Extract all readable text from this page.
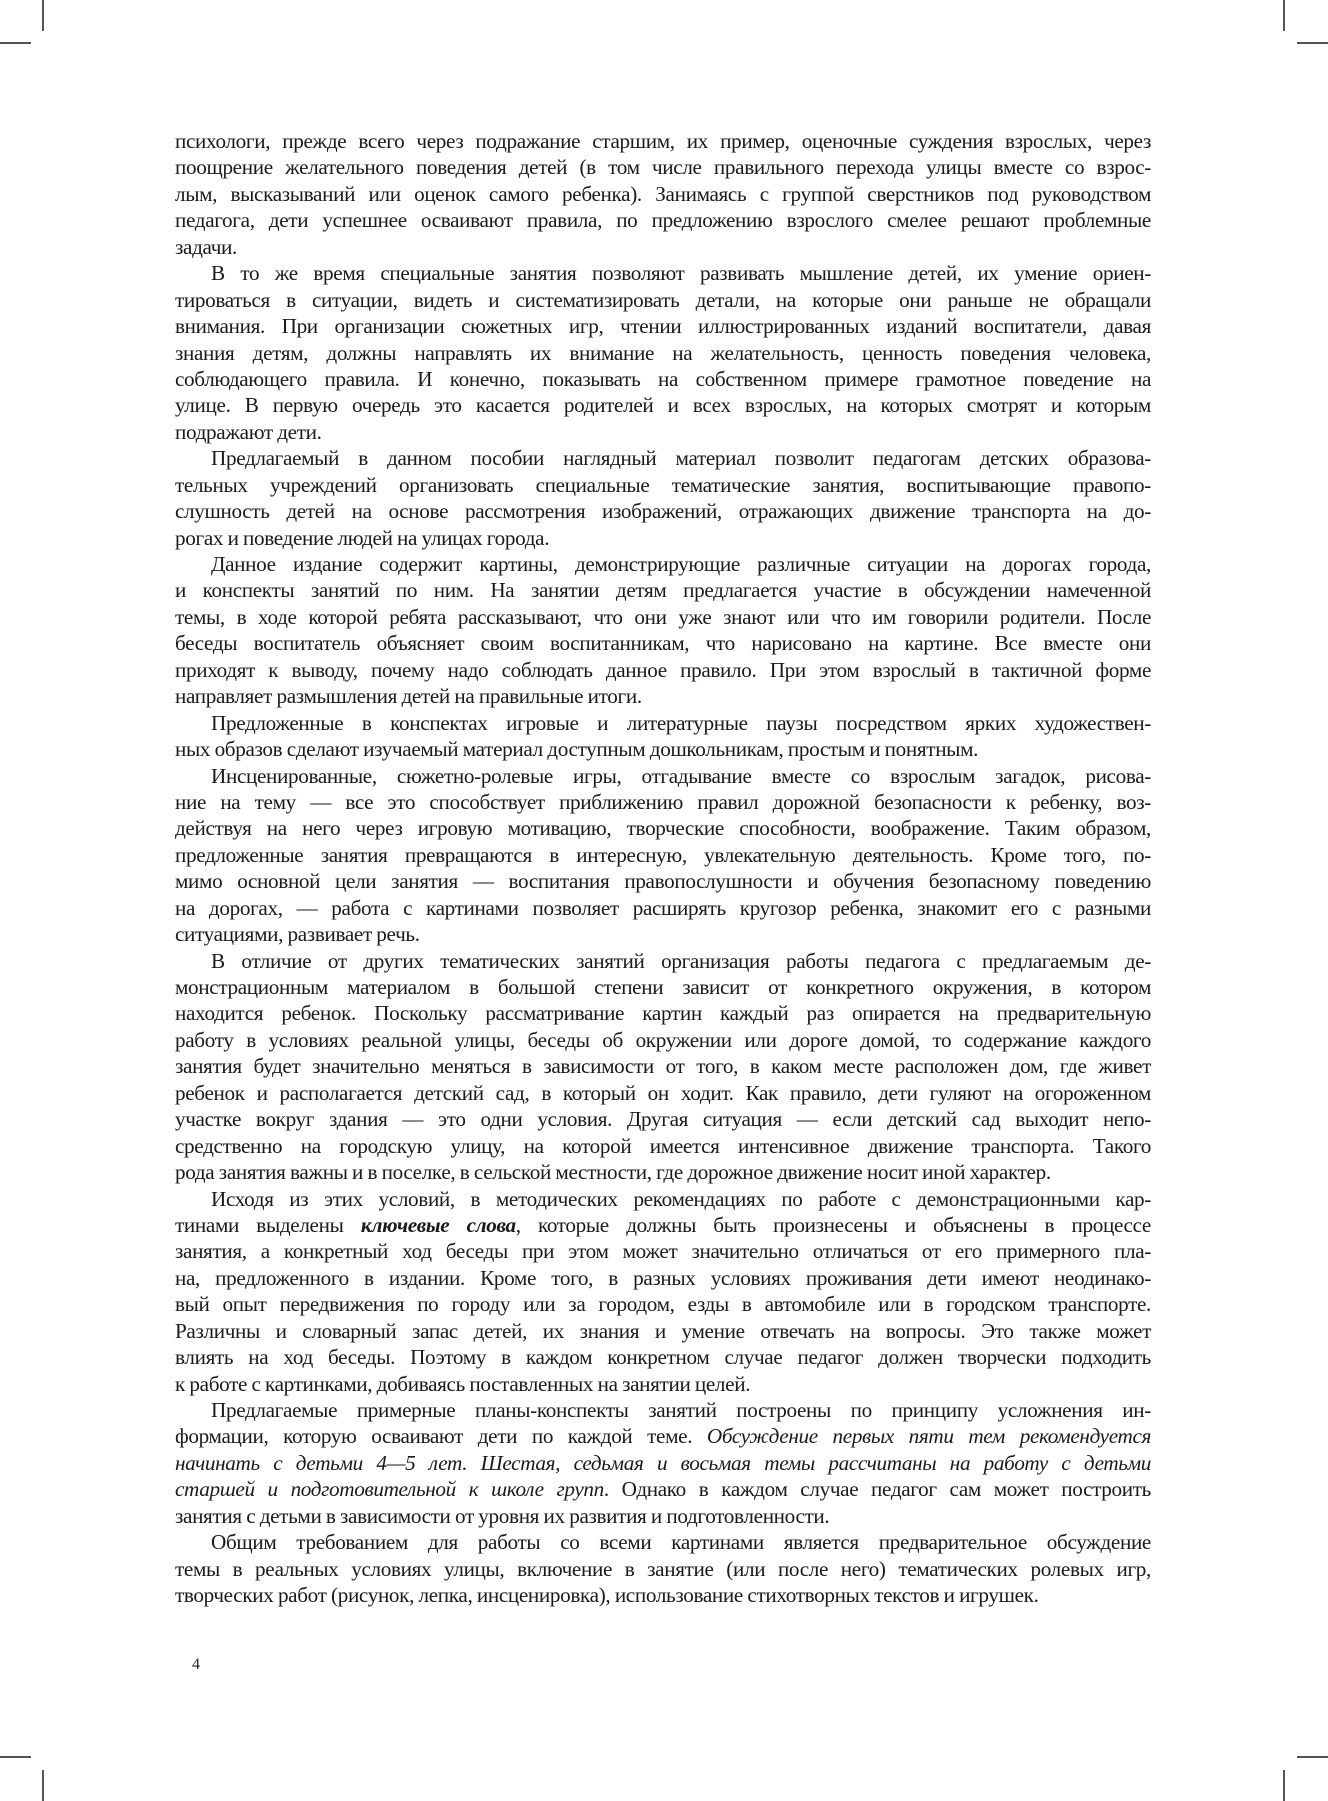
психологи, прежде всего через подражание старшим, их пример, оценочные суждения взрослых, через
поощрение желательного поведения детей (в том числе правильного перехода улицы вместе со взрос-
лым, высказываний или оценок самого ребенка). Занимаясь с группой сверстников под руководством
педагога, дети успешнее осваивают правила, по предложению взрослого смелее решают проблемные
задачи.
В то же время специальные занятия позволяют развивать мышление детей, их умение ориен-
тироваться в ситуации, видеть и систематизировать детали, на которые они раньше не обращали
внимания. При организации сюжетных игр, чтении иллюстрированных изданий воспитатели, давая
знания детям, должны направлять их внимание на желательность, ценность поведения человека,
соблюдающего правила. И конечно, показывать на собственном примере грамотное поведение на
улице. В первую очередь это касается родителей и всех взрослых, на которых смотрят и которым
подражают дети.
Предлагаемый в данном пособии наглядный материал позволит педагогам детских образова-
тельных учреждений организовать специальные тематические занятия, воспитывающие правопо-
слушность детей на основе рассмотрения изображений, отражающих движение транспорта на до-
рогах и поведение людей на улицах города.
Данное издание содержит картины, демонстрирующие различные ситуации на дорогах города,
и конспекты занятий по ним. На занятии детям предлагается участие в обсуждении намеченной
темы, в ходе которой ребята рассказывают, что они уже знают или что им говорили родители. После
беседы воспитатель объясняет своим воспитанникам, что нарисовано на картине. Все вместе они
приходят к выводу, почему надо соблюдать данное правило. При этом взрослый в тактичной форме
направляет размышления детей на правильные итоги.
Предложенные в конспектах игровые и литературные паузы посредством ярких художествен-
ных образов сделают изучаемый материал доступным дошкольникам, простым и понятным.
Инсценированные, сюжетно-ролевые игры, отгадывание вместе со взрослым загадок, рисова-
ние на тему — все это способствует приближению правил дорожной безопасности к ребенку, воз-
действуя на него через игровую мотивацию, творческие способности, воображение. Таким образом,
предложенные занятия превращаются в интересную, увлекательную деятельность. Кроме того, по-
мимо основной цели занятия — воспитания правопослушности и обучения безопасному поведению
на дорогах, — работа с картинами позволяет расширять кругозор ребенка, знакомит его с разными
ситуациями, развивает речь.
В отличие от других тематических занятий организация работы педагога с предлагаемым де-
монстрационным материалом в большой степени зависит от конкретного окружения, в котором
находится ребенок. Поскольку рассматривание картин каждый раз опирается на предварительную
работу в условиях реальной улицы, беседы об окружении или дороге домой, то содержание каждого
занятия будет значительно меняться в зависимости от того, в каком месте расположен дом, где живет
ребенок и располагается детский сад, в который он ходит. Как правило, дети гуляют на огороженном
участке вокруг здания — это одни условия. Другая ситуация — если детский сад выходит непо-
средственно на городскую улицу, на которой имеется интенсивное движение транспорта. Такого
рода занятия важны и в поселке, в сельской местности, где дорожное движение носит иной характер.
Исходя из этих условий, в методических рекомендациях по работе с демонстрационными кар-
тинами выделены ключевые слова, которые должны быть произнесены и объяснены в процессе
занятия, а конкретный ход беседы при этом может значительно отличаться от его примерного пла-
на, предложенного в издании. Кроме того, в разных условиях проживания дети имеют неодинако-
вый опыт передвижения по городу или за городом, езды в автомобиле или в городском транспорте.
Различны и словарный запас детей, их знания и умение отвечать на вопросы. Это также может
влиять на ход беседы. Поэтому в каждом конкретном случае педагог должен творчески подходить
к работе с картинками, добиваясь поставленных на занятии целей.
Предлагаемые примерные планы-конспекты занятий построены по принципу усложнения ин-
формации, которую осваивают дети по каждой теме. Обсуждение первых пяти тем рекомендуется
начинать с детьми 4—5 лет. Шестая, седьмая и восьмая темы рассчитаны на работу с детьми
старшей и подготовительной к школе групп. Однако в каждом случае педагог сам может построить
занятия с детьми в зависимости от уровня их развития и подготовленности.
Общим требованием для работы со всеми картинами является предварительное обсуждение
темы в реальных условиях улицы, включение в занятие (или после него) тематических ролевых игр,
творческих работ (рисунок, лепка, инсценировка), использование стихотворных текстов и игрушек.
4
